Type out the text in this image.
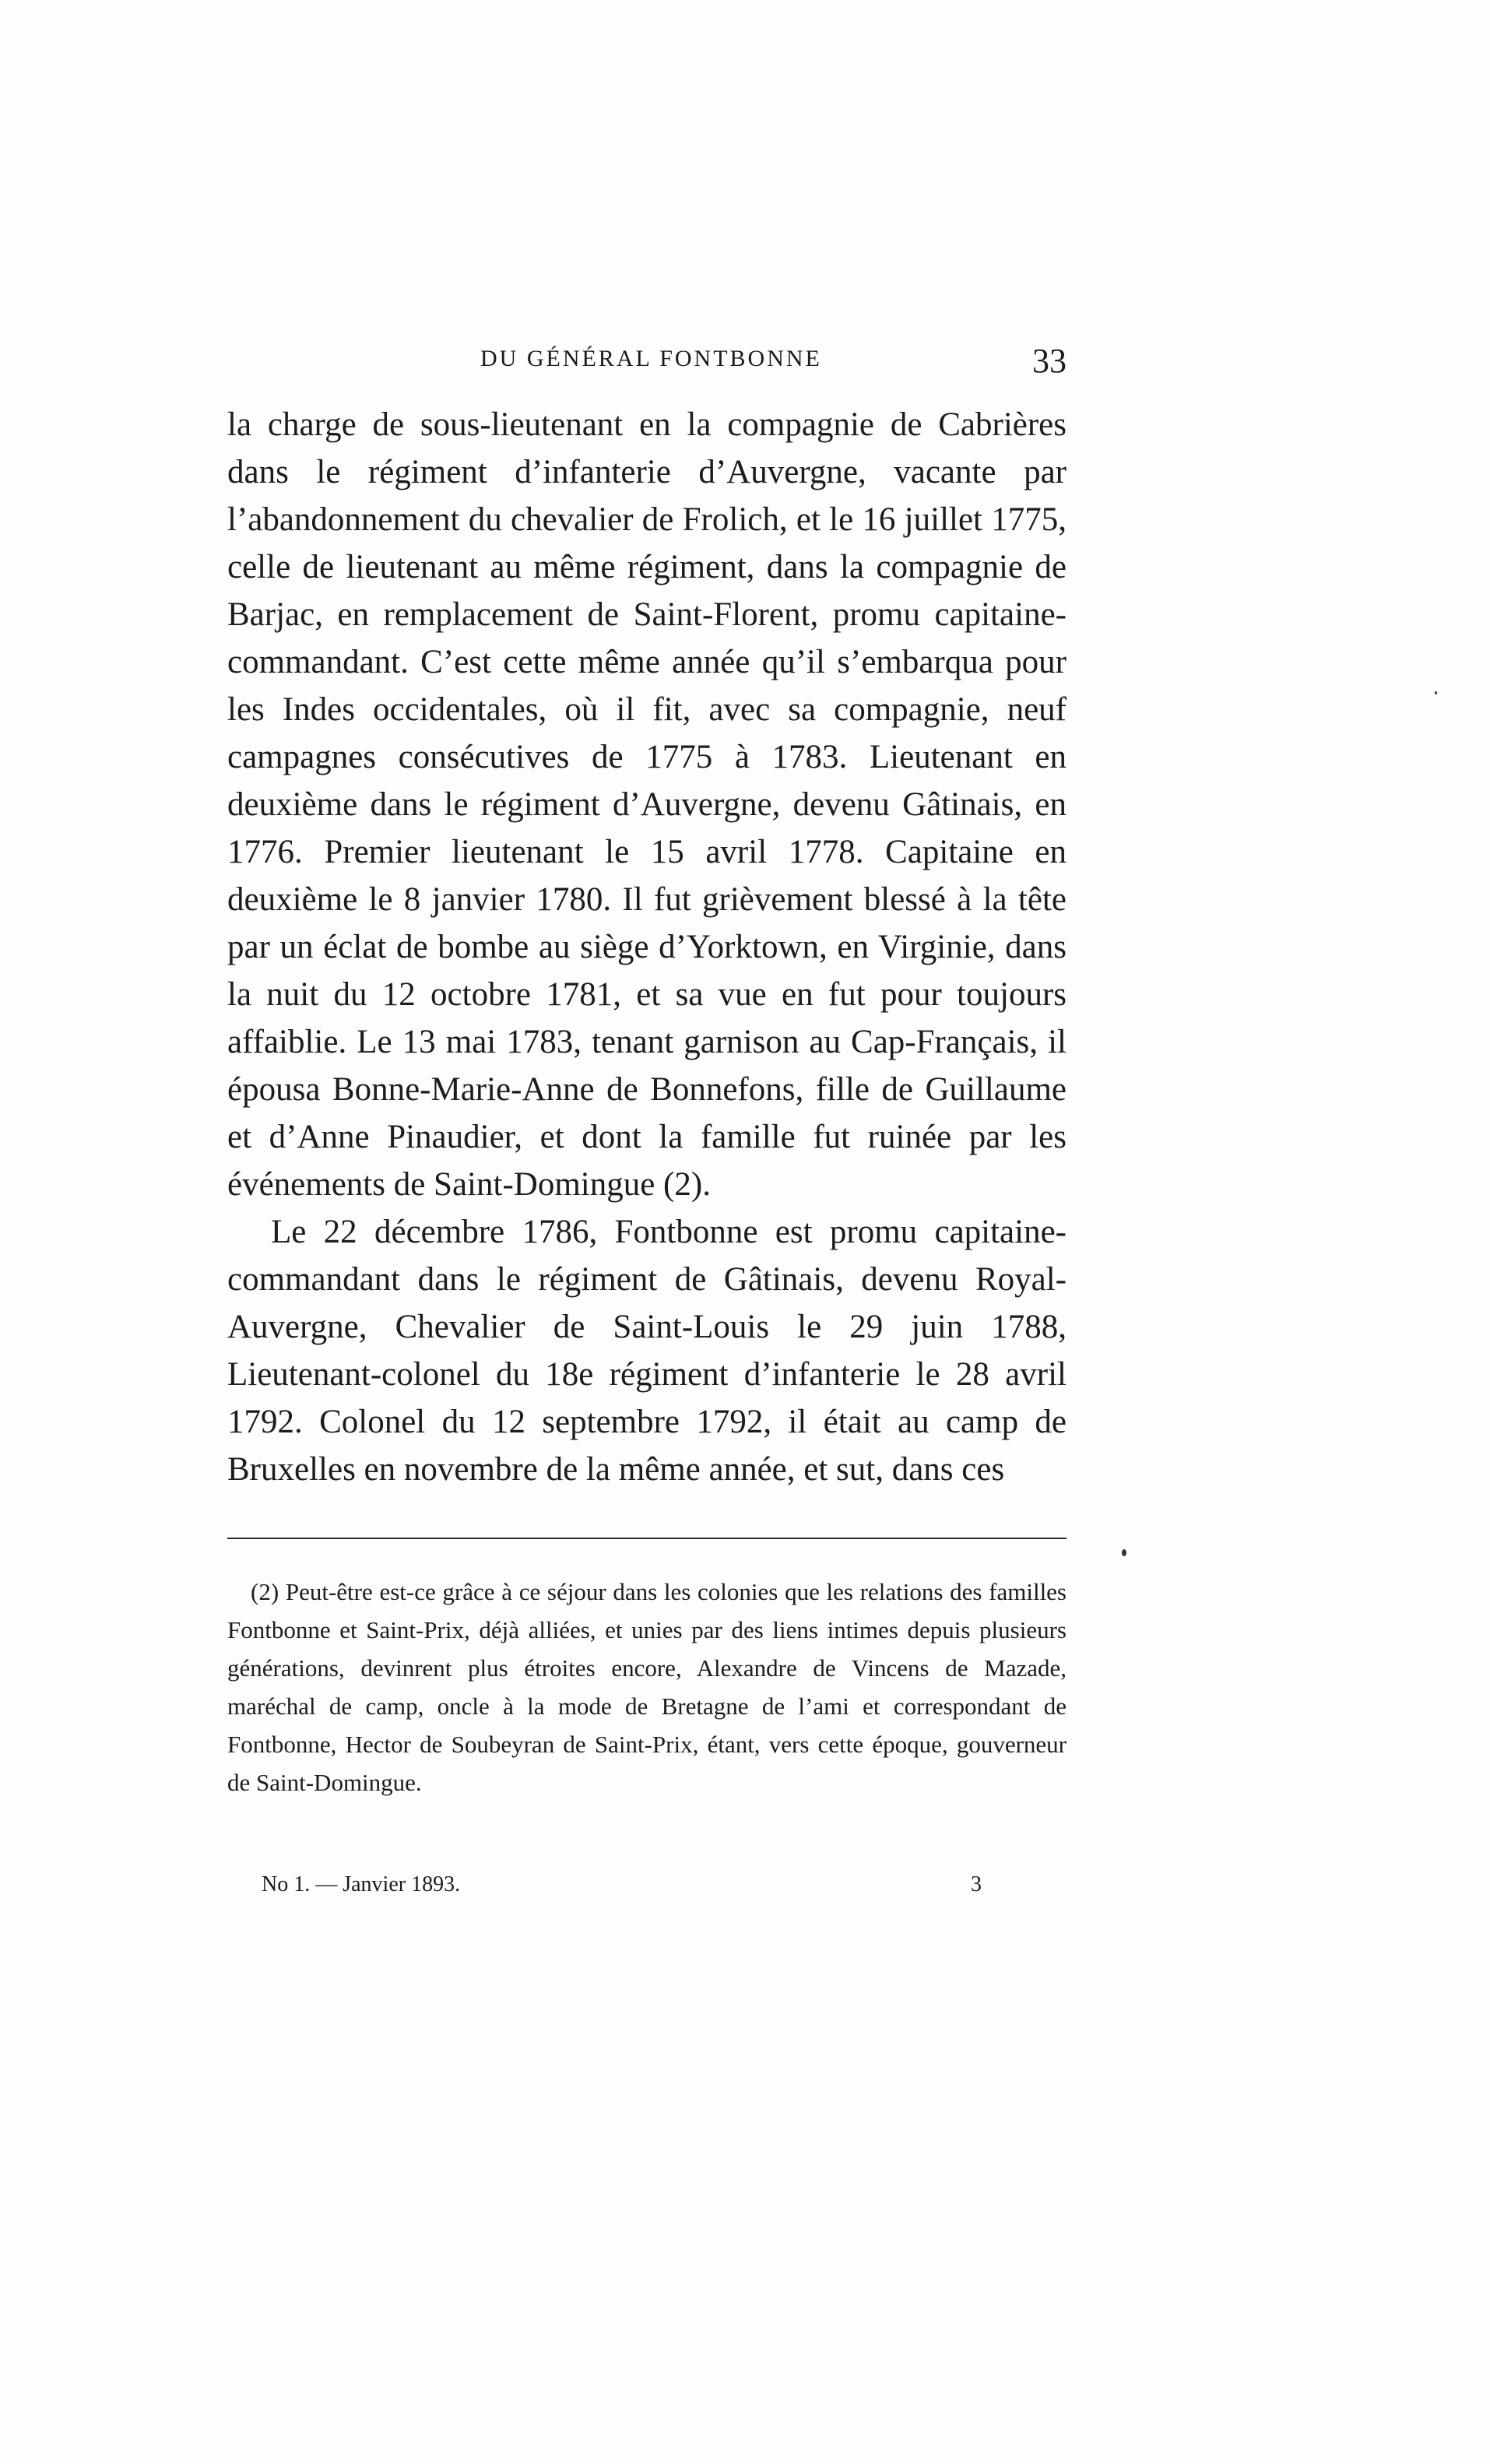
DU GÉNÉRAL FONTBONNE	33

la charge de sous-lieutenant en la compagnie de Cabrières dans le régiment d’infanterie d’Auvergne, vacante par l’abandonnement du chevalier de Frolich, et le 16 juillet 1775, celle de lieutenant au même régiment, dans la compagnie de Barjac, en remplacement de Saint-Florent, promu capitaine-commandant. C’est cette même année qu’il s’embarqua pour les Indes occidentales, où il fit, avec sa compagnie, neuf campagnes consécutives de 1775 à 1783. Lieutenant en deuxième dans le régiment d’Auvergne, devenu Gâtinais, en 1776. Premier lieutenant le 15 avril 1778. Capitaine en deuxième le 8 janvier 1780. Il fut grièvement blessé à la tête par un éclat de bombe au siège d’Yorktown, en Virginie, dans la nuit du 12 octobre 1781, et sa vue en fut pour toujours affaiblie. Le 13 mai 1783, tenant garnison au Cap-Français, il épousa Bonne-Marie-Anne de Bonnefons, fille de Guillaume et d’Anne Pinaudier, et dont la famille fut ruinée par les événements de Saint-Domingue (2).

Le 22 décembre 1786, Fontbonne est promu capitaine-commandant dans le régiment de Gâtinais, devenu Royal-Auvergne, Chevalier de Saint-Louis le 29 juin 1788, Lieutenant-colonel du 18e régiment d’infanterie le 28 avril 1792. Colonel du 12 septembre 1792, il était au camp de Bruxelles en novembre de la même année, et sut, dans ces

(2) Peut-être est-ce grâce à ce séjour dans les colonies que les relations des familles Fontbonne et Saint-Prix, déjà alliées, et unies par des liens intimes depuis plusieurs générations, devinrent plus étroites encore, Alexandre de Vincens de Mazade, maréchal de camp, oncle à la mode de Bretagne de l’ami et correspondant de Fontbonne, Hector de Soubeyran de Saint-Prix, étant, vers cette époque, gouverneur de Saint-Domingue.

No 1. — Janvier 1893.	3
